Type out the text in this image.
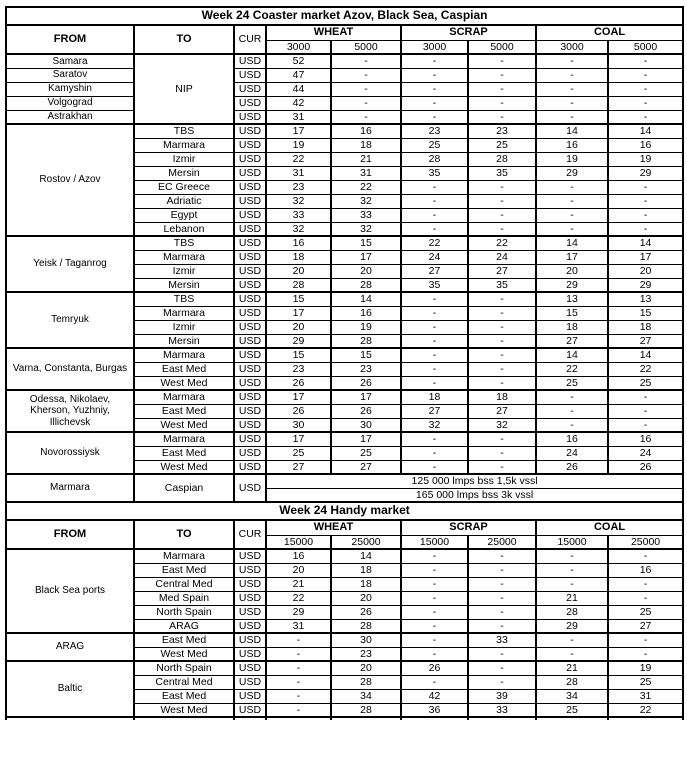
Week 24 Coaster market Azov, Black Sea, Caspian								
FROM	TO	CUR	WHEAT		SCRAP		COAL	
			3000	5000	3000	5000	3000	5000
Samara	NIP	USD	52	-	-	-	-	-
Saratov		USD	47	-	-	-	-	-
Kamyshin		USD	44	-	-	-	-	-
Volgograd		USD	42	-	-	-	-	-
Astrakhan		USD	31	-	-	-	-	-
Rostov / Azov	TBS	USD	17	16	23	23	14	14
	Marmara	USD	19	18	25	25	16	16
	Izmir	USD	22	21	28	28	19	19
	Mersin	USD	31	31	35	35	29	29
	EC Greece	USD	23	22	-	-	-	-
	Adriatic	USD	32	32	-	-	-	-
	Egypt	USD	33	33	-	-	-	-
	Lebanon	USD	32	32	-	-	-	-
Yeisk / Taganrog	TBS	USD	16	15	22	22	14	14
	Marmara	USD	18	17	24	24	17	17
	Izmir	USD	20	20	27	27	20	20
	Mersin	USD	28	28	35	35	29	29
Temryuk	TBS	USD	15	14	-	-	13	13
	Marmara	USD	17	16	-	-	15	15
	Izmir	USD	20	19	-	-	18	18
	Mersin	USD	29	28	-	-	27	27
Varna, Constanta, Burgas	Marmara	USD	15	15	-	-	14	14
	East Med	USD	23	23	-	-	22	22
	West Med	USD	26	26	-	-	25	25

Odessa, Nikolaev,
Kherson, Yuzhniy,
Illichevsk	Marmara	USD	17	17	18	18	-	-
	East Med	USD	26	26	27	27	-	-
	West Med	USD	30	30	32	32	-	-
Novorossiysk	Marmara	USD	17	17	-	-	16	16
	East Med	USD	25	25	-	-	24	24
	West Med	USD	27	27	-	-	26	26
Marmara	Caspian	USD	125 000 lmps bss 1,5k vssl					
			165 000 lmps bss 3k vssl					
Week 24 Handy market								
FROM	TO	CUR	WHEAT		SCRAP		COAL	
			15000	25000	15000	25000	15000	25000
Black Sea ports	Marmara	USD	16	14	-	-	-	-
	East Med	USD	20	18	-	-	-	16
	Central Med	USD	21	18	-	-	-	-
	Med Spain	USD	22	20	-	-	21	-
	North Spain	USD	29	26	-	-	28	25
	ARAG	USD	31	28	-	-	29	27
ARAG	East Med	USD	-	30	-	33	-	-
	West Med	USD	-	23	-	-	-	-
Baltic	North Spain	USD	-	20	26	-	21	19
	Central Med	USD	-	28	-	-	28	25
	East Med	USD	-	34	42	39	34	31
	West Med	USD	-	28	36	33	25	22
